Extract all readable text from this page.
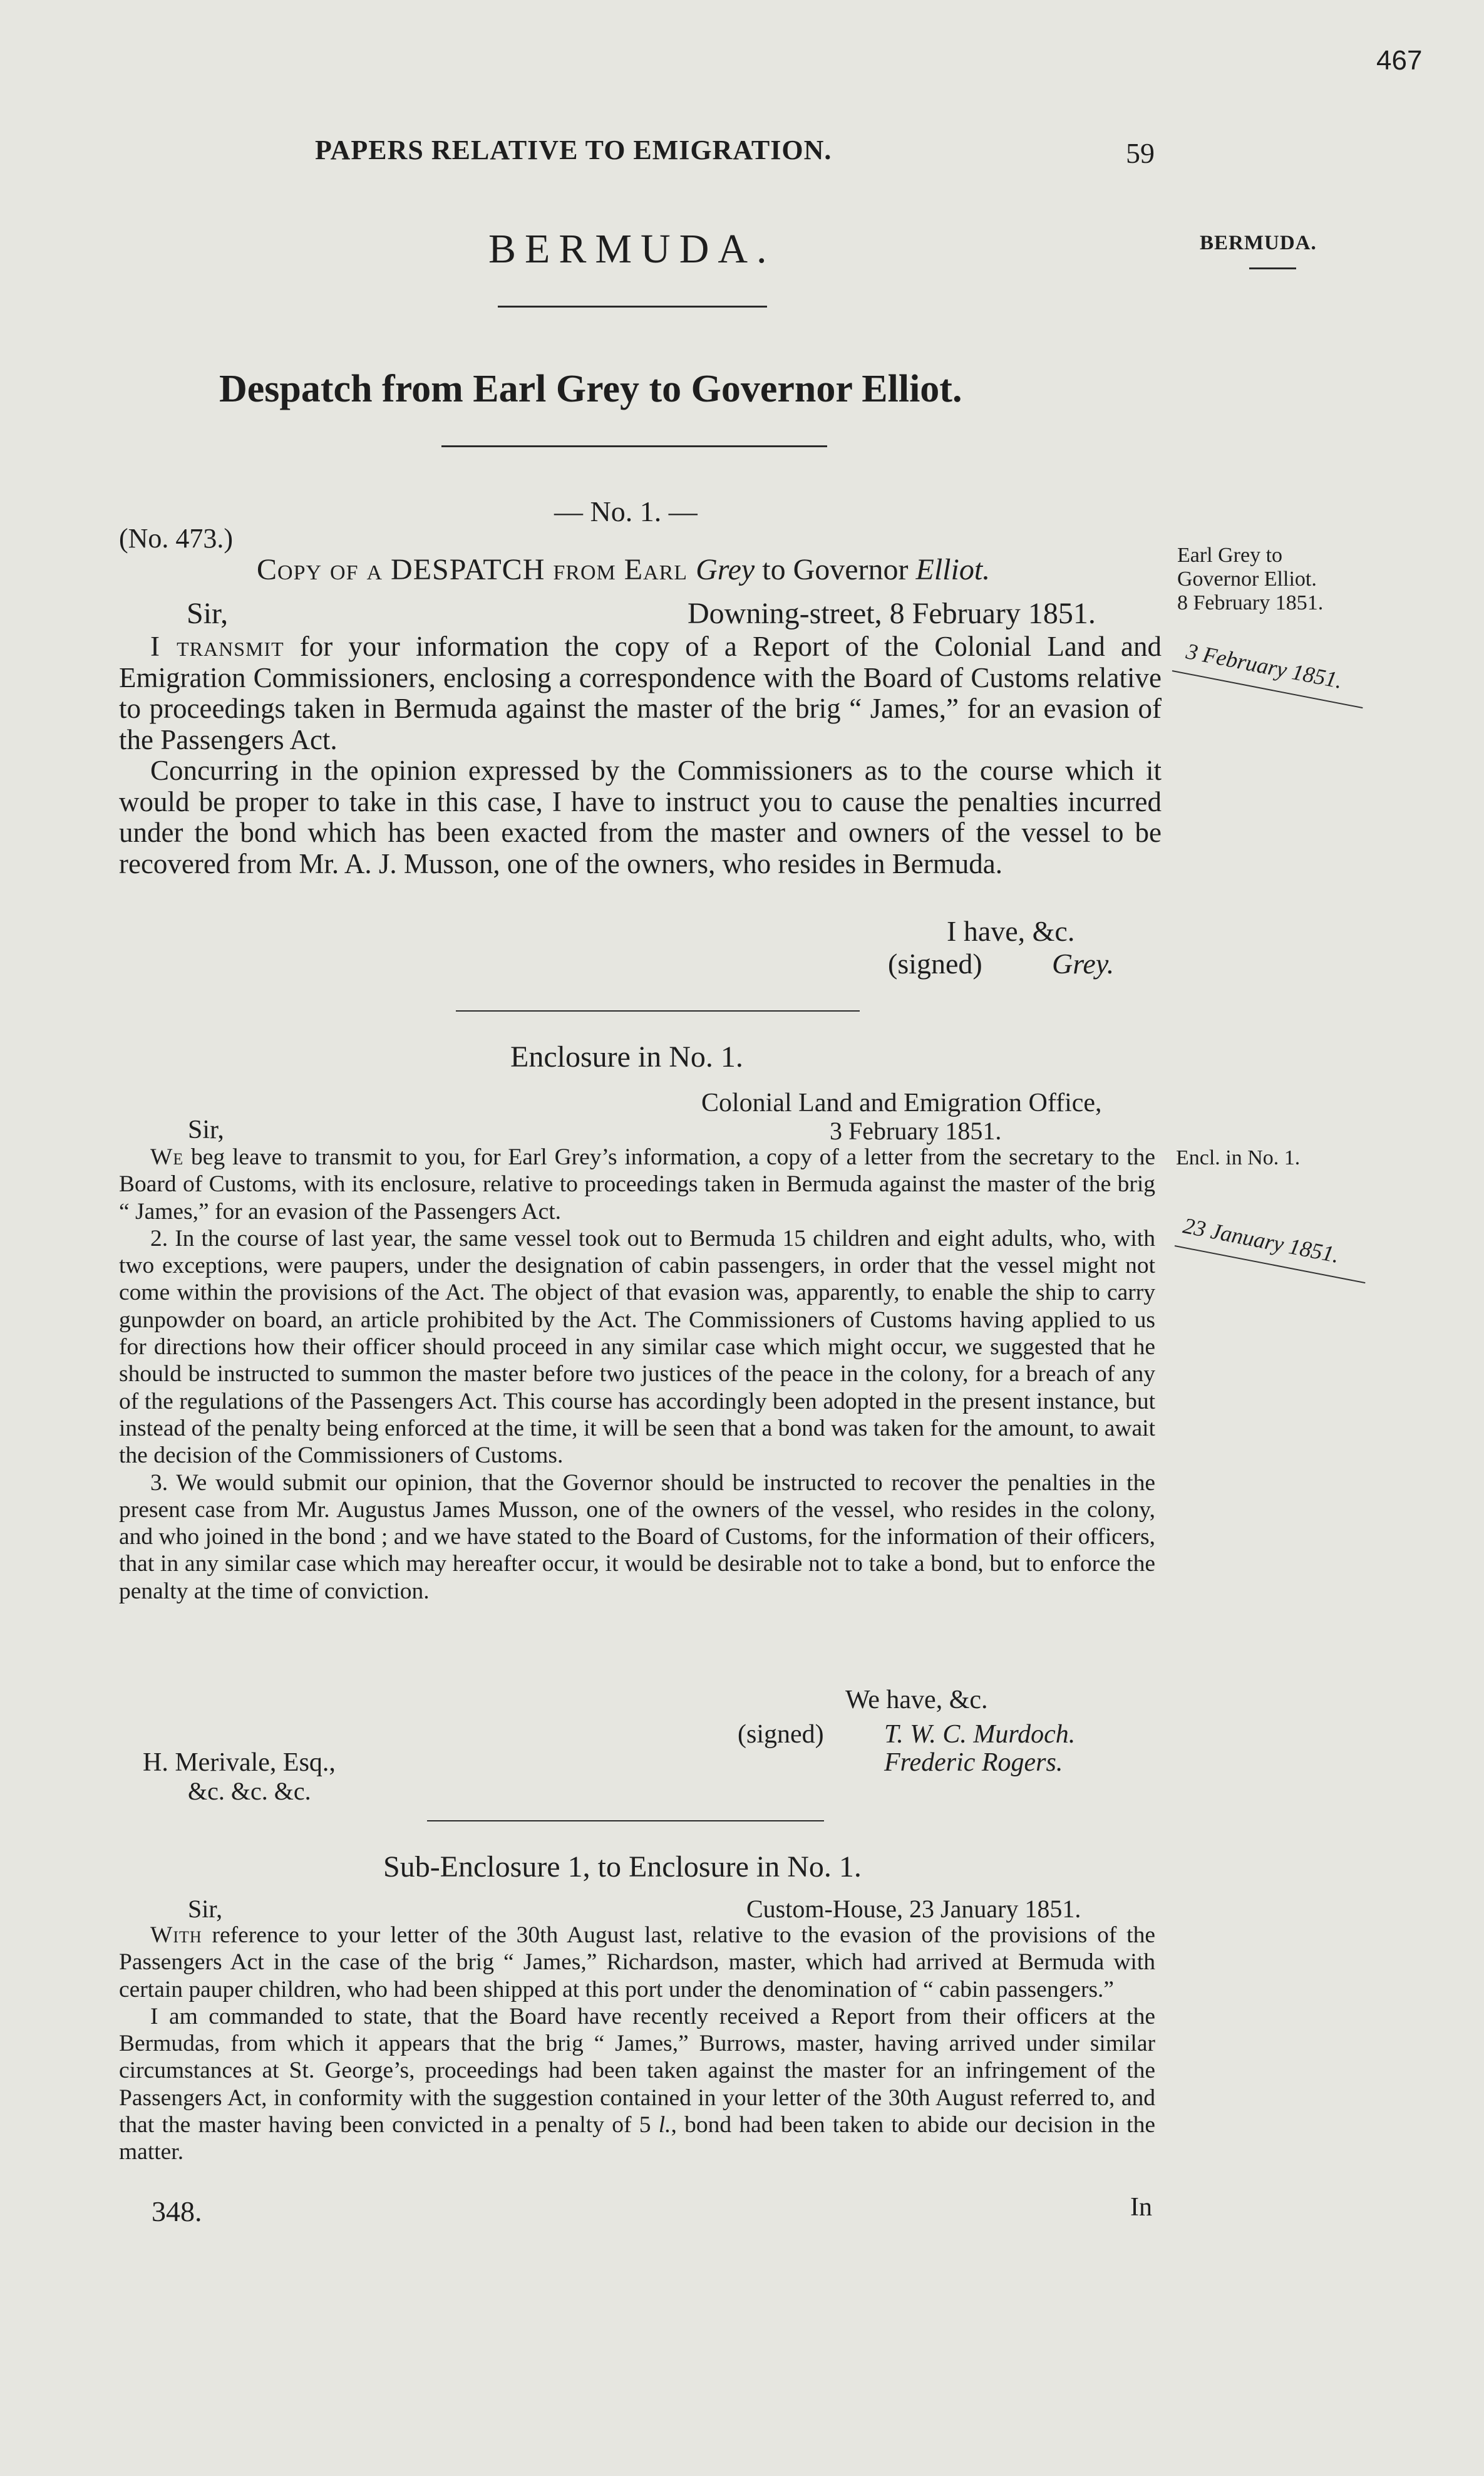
467
PAPERS RELATIVE TO EMIGRATION.	59
BERMUDA.	BERMUDA.
Despatch from Earl Grey to Governor Elliot.
— No. 1. —
(No. 473.)
Copy of a DESPATCH from Earl Grey to Governor Elliot.
Sir,	Downing-street, 8 February 1851.

I transmit for your information the copy of a Report of the Colonial Land and Emigration Commissioners, enclosing a correspondence with the Board of Customs relative to proceedings taken in Bermuda against the master of the brig “ James,” for an evasion of the Passengers Act.

Concurring in the opinion expressed by the Commissioners as to the course which it would be proper to take in this case, I have to instruct you to cause the penalties incurred under the bond which has been exacted from the master and owners of the vessel to be recovered from Mr. A. J. Musson, one of the owners, who resides in Bermuda.

I have, &c.
(signed) Grey.
Earl Grey to
Governor Elliot.
8 February 1851.
3 February 1851.
Enclosure in No. 1.
Colonial Land and Emigration Office,
Sir,	3 February 1851.

We beg leave to transmit to you, for Earl Grey’s information, a copy of a letter from the secretary to the Board of Customs, with its enclosure, relative to proceedings taken in Bermuda against the master of the brig “ James,” for an evasion of the Passengers Act.

2. In the course of last year, the same vessel took out to Bermuda 15 children and eight adults, who, with two exceptions, were paupers, under the designation of cabin passengers, in order that the vessel might not come within the provisions of the Act. The object of that evasion was, apparently, to enable the ship to carry gunpowder on board, an article prohibited by the Act. The Commissioners of Customs having applied to us for directions how their officer should proceed in any similar case which might occur, we suggested that he should be instructed to summon the master before two justices of the peace in the colony, for a breach of any of the regulations of the Passengers Act. This course has accordingly been adopted in the present instance, but instead of the penalty being enforced at the time, it will be seen that a bond was taken for the amount, to await the decision of the Commissioners of Customs.

3. We would submit our opinion, that the Governor should be instructed to recover the penalties in the present case from Mr. Augustus James Musson, one of the owners of the vessel, who resides in the colony, and who joined in the bond ; and we have stated to the Board of Customs, for the information of their officers, that in any similar case which may hereafter occur, it would be desirable not to take a bond, but to enforce the penalty at the time of conviction.

We have, &c.
(signed) T. W. C. Murdoch.
Frederic Rogers.
H. Merivale, Esq.,
&c. &c. &c.
Encl. in No. 1.
23 January 1851.
Sub-Enclosure 1, to Enclosure in No. 1.
Sir,	Custom-House, 23 January 1851.

With reference to your letter of the 30th August last, relative to the evasion of the provisions of the Passengers Act in the case of the brig “ James,” Richardson, master, which had arrived at Bermuda with certain pauper children, who had been shipped at this port under the denomination of “ cabin passengers.”

I am commanded to state, that the Board have recently received a Report from their officers at the Bermudas, from which it appears that the brig “ James,” Burrows, master, having arrived under similar circumstances at St. George’s, proceedings had been taken against the master for an infringement of the Passengers Act, in conformity with the suggestion contained in your letter of the 30th August referred to, and that the master having been convicted in a penalty of 5 l., bond had been taken to abide our decision in the matter.

348.	In
